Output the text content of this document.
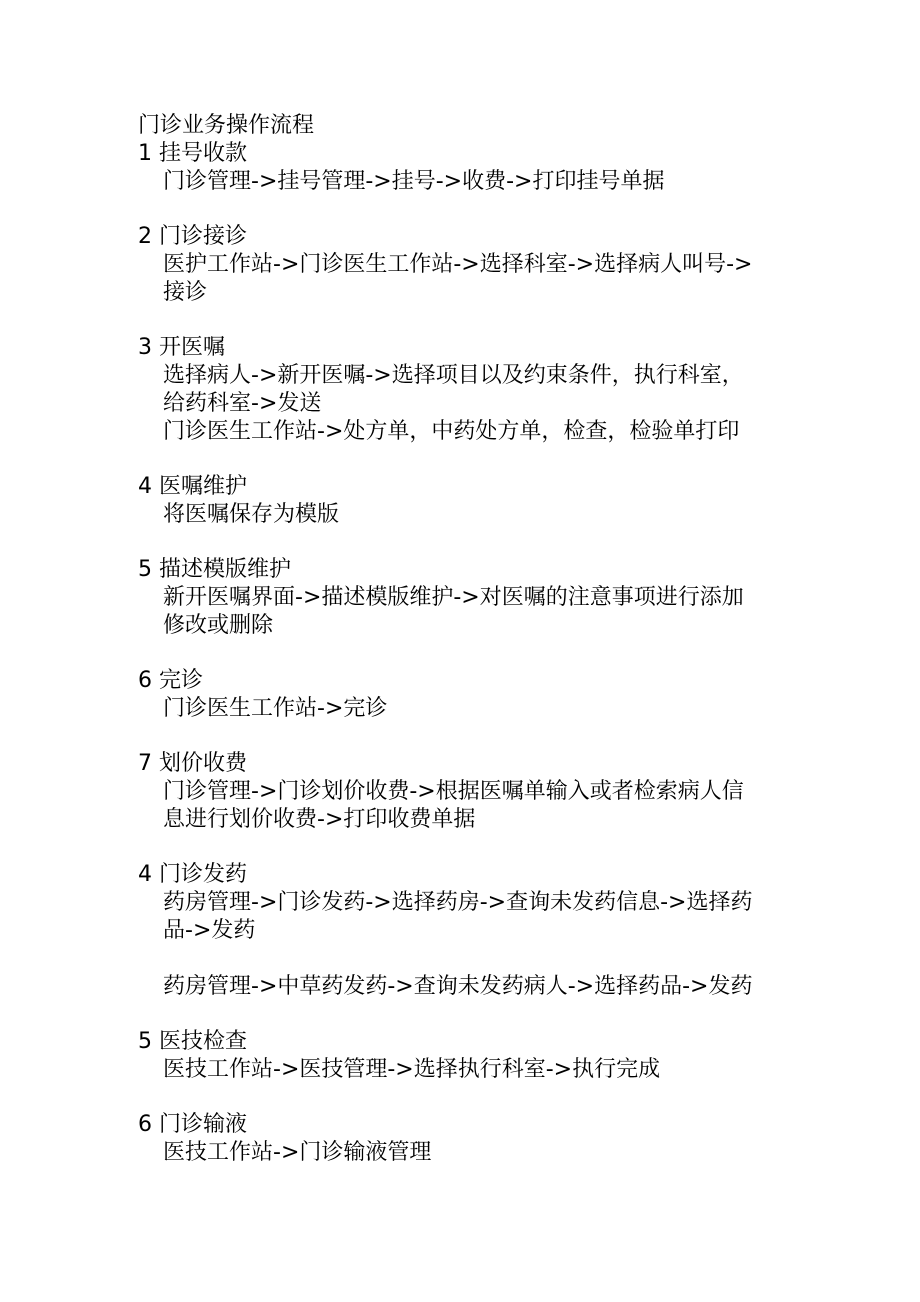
门诊业务操作流程
1 挂号收款
门诊管理->挂号管理->挂号->收费->打印挂号单据
2 门诊接诊
医护工作站->门诊医生工作站->选择科室->选择病人叫号->
接诊
3 开医嘱
选择病人->新开医嘱->选择项目以及约束条件，执行科室，
给药科室->发送
门诊医生工作站->处方单，中药处方单，检查，检验单打印
4 医嘱维护
将医嘱保存为模版
5 描述模版维护
新开医嘱界面->描述模版维护->对医嘱的注意事项进行添加
修改或删除
6 完诊
门诊医生工作站->完诊
7 划价收费
门诊管理->门诊划价收费->根据医嘱单输入或者检索病人信
息进行划价收费->打印收费单据
4 门诊发药
药房管理->门诊发药->选择药房->查询未发药信息->选择药
品->发药
药房管理->中草药发药->查询未发药病人->选择药品->发药
5 医技检查
医技工作站->医技管理->选择执行科室->执行完成
6 门诊输液
医技工作站->门诊输液管理
